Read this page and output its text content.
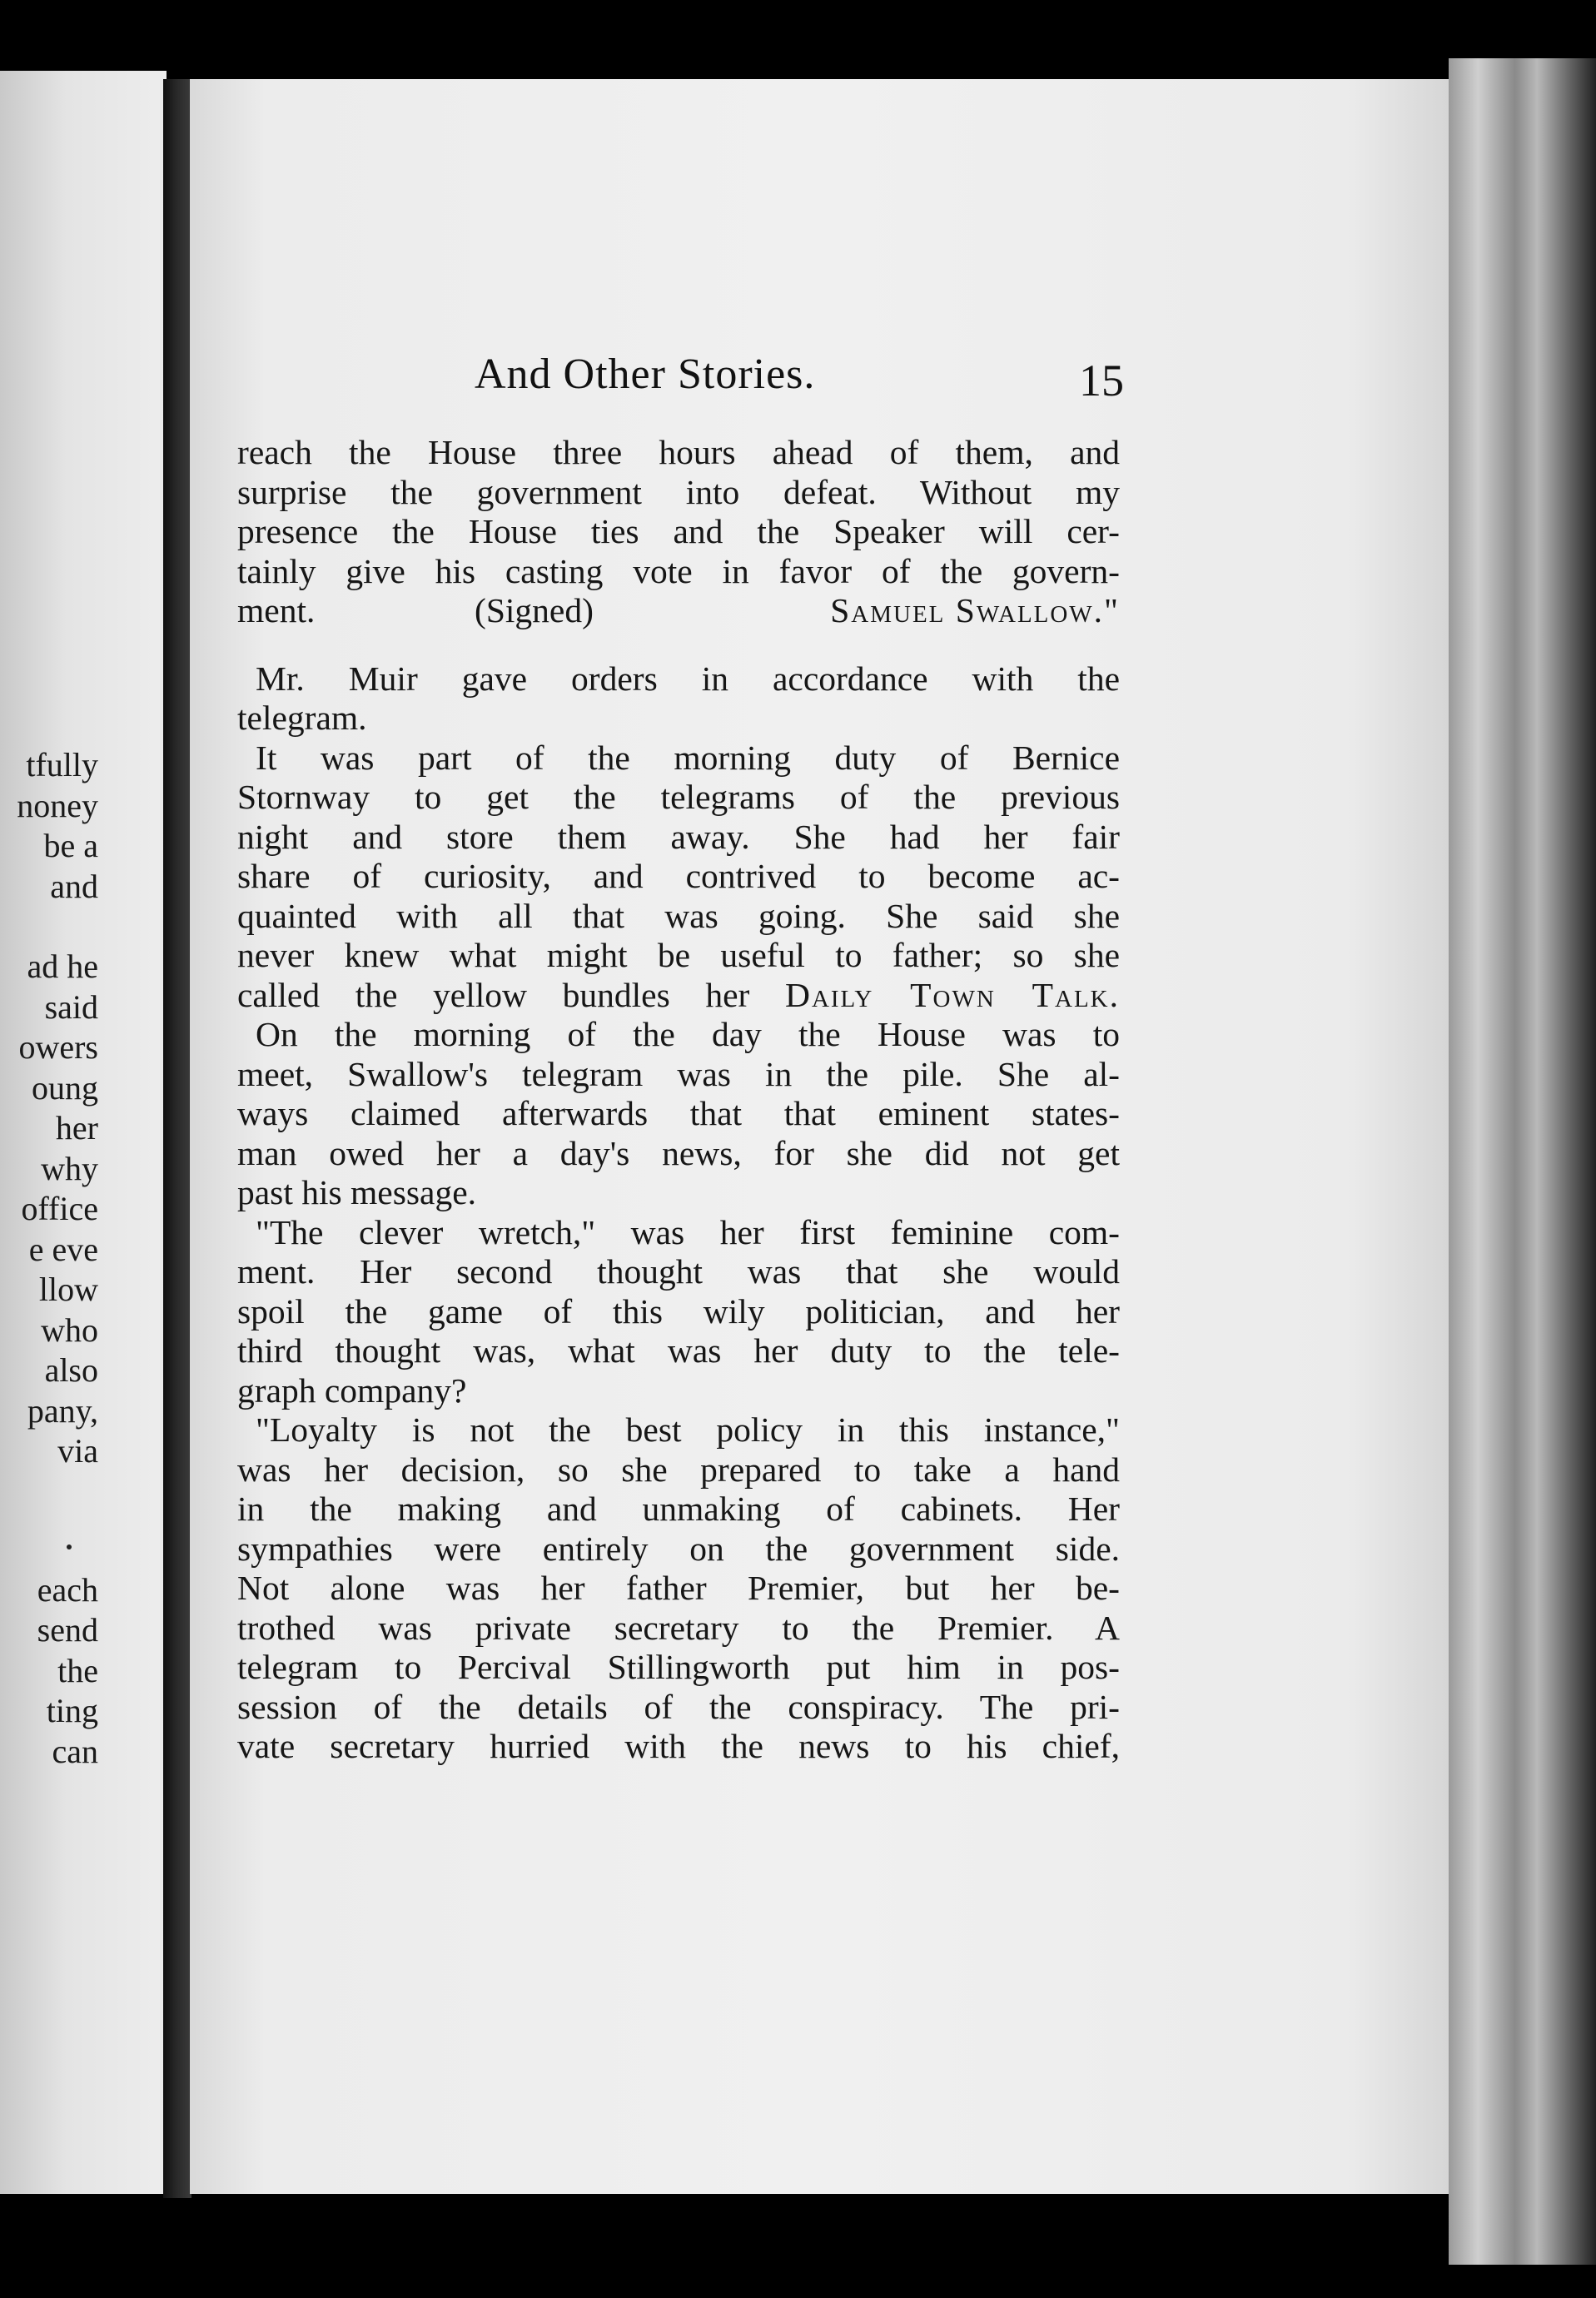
tfully
noney
be a
and
ad he
said
owers
oung
her
why
office
e eve
llow
who
also
pany,
via
each
send
the
ting
can
And Other Stories.	15
reach the House three hours ahead of them, and
surprise the government into defeat. Without my
presence the House ties and the Speaker will cer-
tainly give his casting vote in favor of the govern-
ment.	(Signed)	Samuel Swallow."
Mr. Muir gave orders in accordance with the
telegram.
It was part of the morning duty of Bernice
Stornway to get the telegrams of the previous
night and store them away. She had her fair
share of curiosity, and contrived to become ac-
quainted with all that was going. She said she
never knew what might be useful to father; so she
called the yellow bundles her Daily Town Talk.
On the morning of the day the House was to
meet, Swallow's telegram was in the pile. She al-
ways claimed afterwards that that eminent states-
man owed her a day's news, for she did not get
past his message.
"The clever wretch," was her first feminine com-
ment. Her second thought was that she would
spoil the game of this wily politician, and her
third thought was, what was her duty to the tele-
graph company?
"Loyalty is not the best policy in this instance,"
was her decision, so she prepared to take a hand
in the making and unmaking of cabinets. Her
sympathies were entirely on the government side.
Not alone was her father Premier, but her be-
trothed was private secretary to the Premier. A
telegram to Percival Stillingworth put him in pos-
session of the details of the conspiracy. The pri-
vate secretary hurried with the news to his chief,
